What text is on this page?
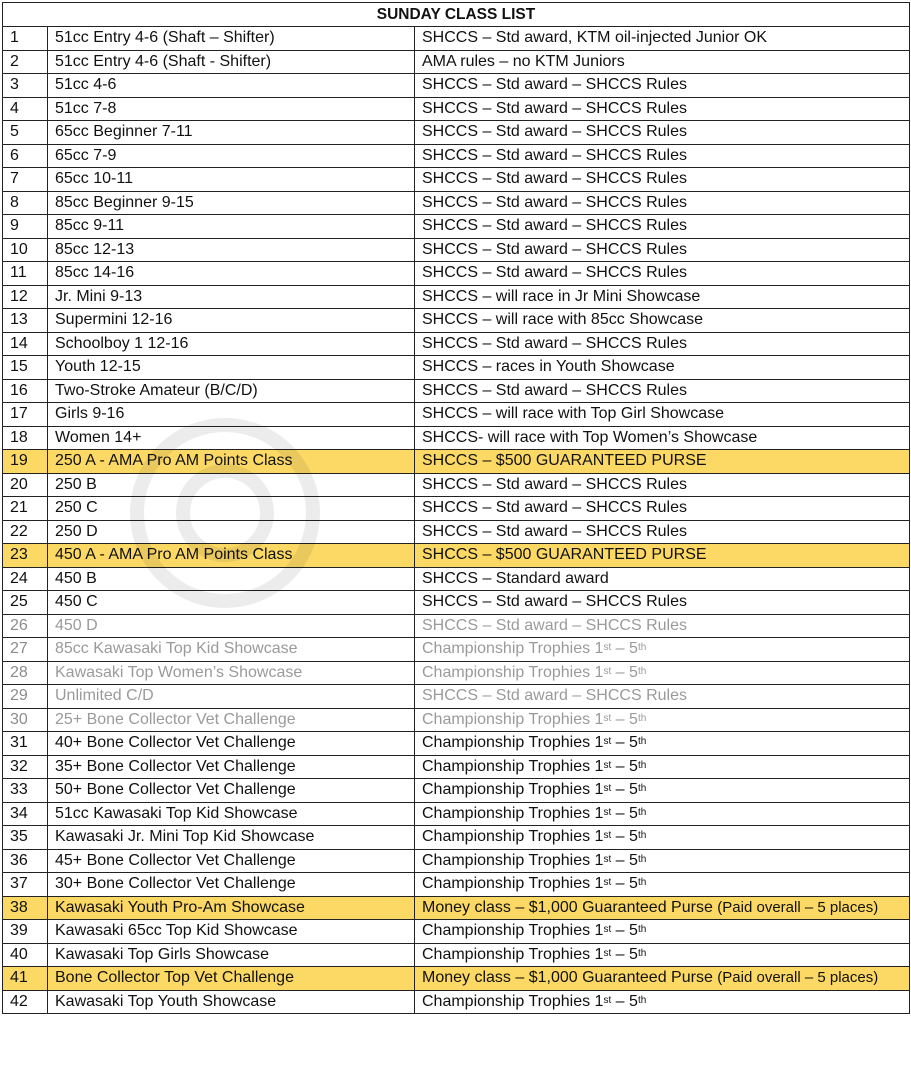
SUNDAY CLASS LIST		
1	51cc Entry 4-6 (Shaft – Shifter)	SHCCS – Std award, KTM oil-injected Junior OK
2	51cc Entry 4-6 (Shaft - Shifter)	AMA rules – no KTM Juniors
3	51cc 4-6	SHCCS – Std award – SHCCS Rules
4	51cc 7-8	SHCCS – Std award – SHCCS Rules
5	65cc Beginner 7-11	SHCCS – Std award – SHCCS Rules
6	65cc 7-9	SHCCS – Std award – SHCCS Rules
7	65cc 10-11	SHCCS – Std award – SHCCS Rules
8	85cc Beginner 9-15	SHCCS – Std award – SHCCS Rules
9	85cc 9-11	SHCCS – Std award – SHCCS Rules
10	85cc 12-13	SHCCS – Std award – SHCCS Rules
11	85cc 14-16	SHCCS – Std award – SHCCS Rules
12	Jr. Mini 9-13	SHCCS – will race in Jr Mini Showcase
13	Supermini 12-16	SHCCS – will race with 85cc Showcase
14	Schoolboy 1 12-16	SHCCS – Std award – SHCCS Rules
15	Youth 12-15	SHCCS – races in Youth Showcase
16	Two-Stroke Amateur (B/C/D)	SHCCS – Std award – SHCCS Rules
17	Girls 9-16	SHCCS – will race with Top Girl Showcase
18	Women 14+	SHCCS- will race with Top Women’s Showcase
19	250 A - AMA Pro AM Points Class	SHCCS – $500 GUARANTEED PURSE
20	250 B	SHCCS – Std award – SHCCS Rules
21	250 C	SHCCS – Std award – SHCCS Rules
22	250 D	SHCCS – Std award – SHCCS Rules
23	450 A - AMA Pro AM Points Class	SHCCS – $500 GUARANTEED PURSE
24	450 B	SHCCS – Standard award
25	450 C	SHCCS – Std award – SHCCS Rules
26	450 D	SHCCS – Std award – SHCCS Rules
27	85cc Kawasaki Top Kid Showcase	Championship Trophies 1st – 5th
28	Kawasaki Top Women’s Showcase	Championship Trophies 1st – 5th
29	Unlimited C/D	SHCCS – Std award – SHCCS Rules
30	25+ Bone Collector Vet Challenge	Championship Trophies 1st – 5th
31	40+ Bone Collector Vet Challenge	Championship Trophies 1st – 5th
32	35+ Bone Collector Vet Challenge	Championship Trophies 1st – 5th
33	50+ Bone Collector Vet Challenge	Championship Trophies 1st – 5th
34	51cc Kawasaki Top Kid Showcase	Championship Trophies 1st – 5th
35	Kawasaki Jr. Mini Top Kid Showcase	Championship Trophies 1st – 5th
36	45+ Bone Collector Vet Challenge	Championship Trophies 1st – 5th
37	30+ Bone Collector Vet Challenge	Championship Trophies 1st – 5th
38	Kawasaki Youth Pro-Am Showcase	Money class – $1,000 Guaranteed Purse (Paid overall – 5 places)
39	Kawasaki 65cc Top Kid Showcase	Championship Trophies 1st – 5th
40	Kawasaki Top Girls Showcase	Championship Trophies 1st – 5th
41	Bone Collector Top Vet Challenge	Money class – $1,000 Guaranteed Purse (Paid overall – 5 places)
42	Kawasaki Top Youth Showcase	Championship Trophies 1st – 5th
